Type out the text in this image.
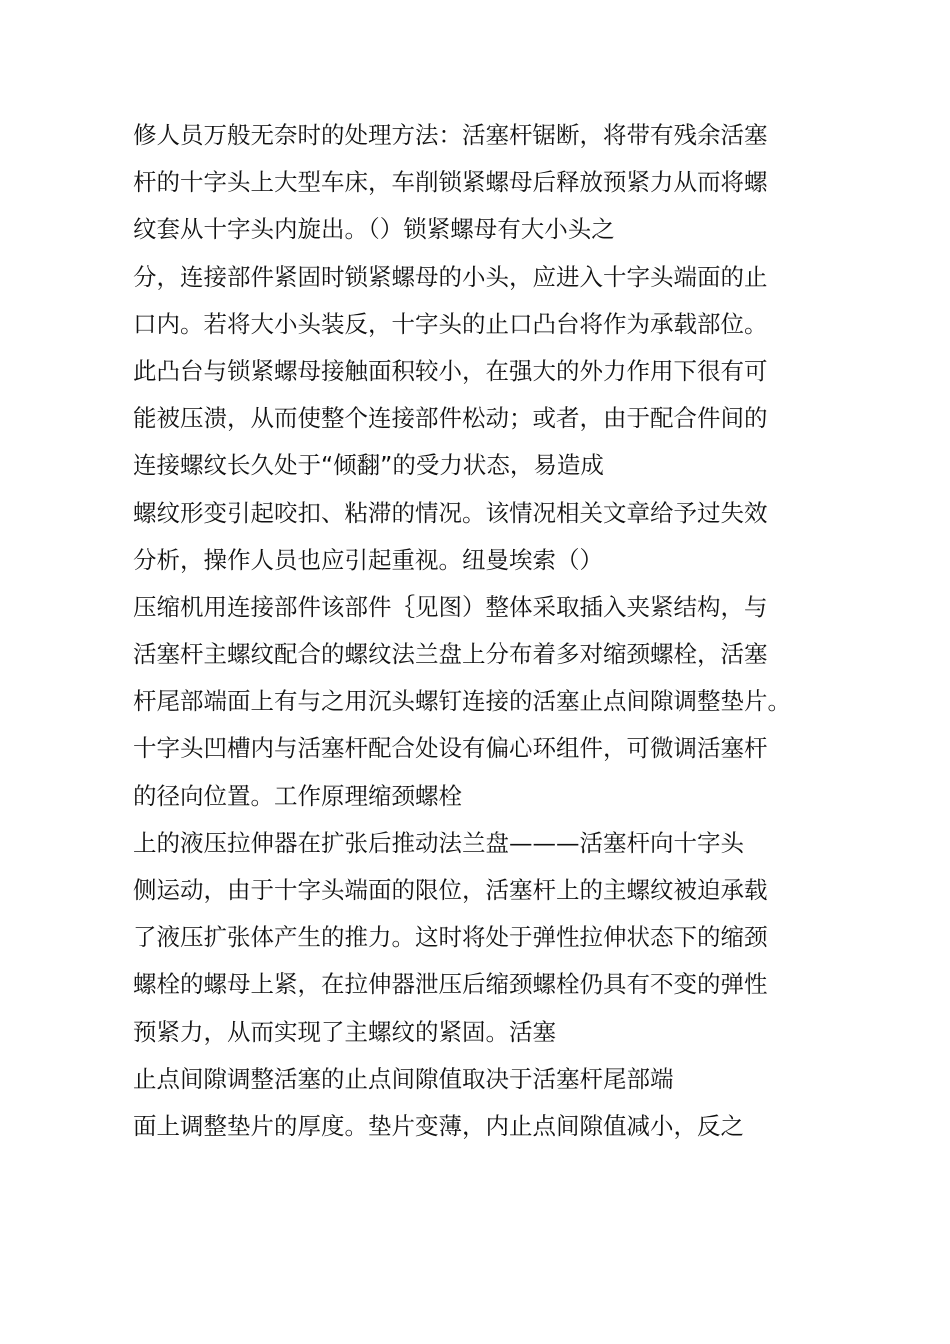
修人员万般无奈时的处理方法：活塞杆锯断，将带有残余活塞
杆的十字头上大型车床，车削锁紧螺母后释放预紧力从而将螺
纹套从十字头内旋出。（）锁紧螺母有大小头之
分，连接部件紧固时锁紧螺母的小头，应进入十字头端面的止
口内。若将大小头装反，十字头的止口凸台将作为承载部位。
此凸台与锁紧螺母接触面积较小，在强大的外力作用下很有可
能被压溃，从而使整个连接部件松动；或者，由于配合件间的
连接螺纹长久处于“倾翻”的受力状态，易造成
螺纹形变引起咬扣、粘滞的情况。该情况相关文章给予过失效
分析，操作人员也应引起重视。纽曼埃索（）
压缩机用连接部件该部件｛见图）整体采取插入夹紧结构，与
活塞杆主螺纹配合的螺纹法兰盘上分布着多对缩颈螺栓，活塞
杆尾部端面上有与之用沉头螺钉连接的活塞止点间隙调整垫片。
十字头凹槽内与活塞杆配合处设有偏心环组件，可微调活塞杆
的径向位置。工作原理缩颈螺栓
上的液压拉伸器在扩张后推动法兰盘———活塞杆向十字头
侧运动，由于十字头端面的限位，活塞杆上的主螺纹被迫承载
了液压扩张体产生的推力。这时将处于弹性拉伸状态下的缩颈
螺栓的螺母上紧，在拉伸器泄压后缩颈螺栓仍具有不变的弹性
预紧力，从而实现了主螺纹的紧固。活塞
止点间隙调整活塞的止点间隙值取决于活塞杆尾部端
面上调整垫片的厚度。垫片变薄，内止点间隙值减小，反之
